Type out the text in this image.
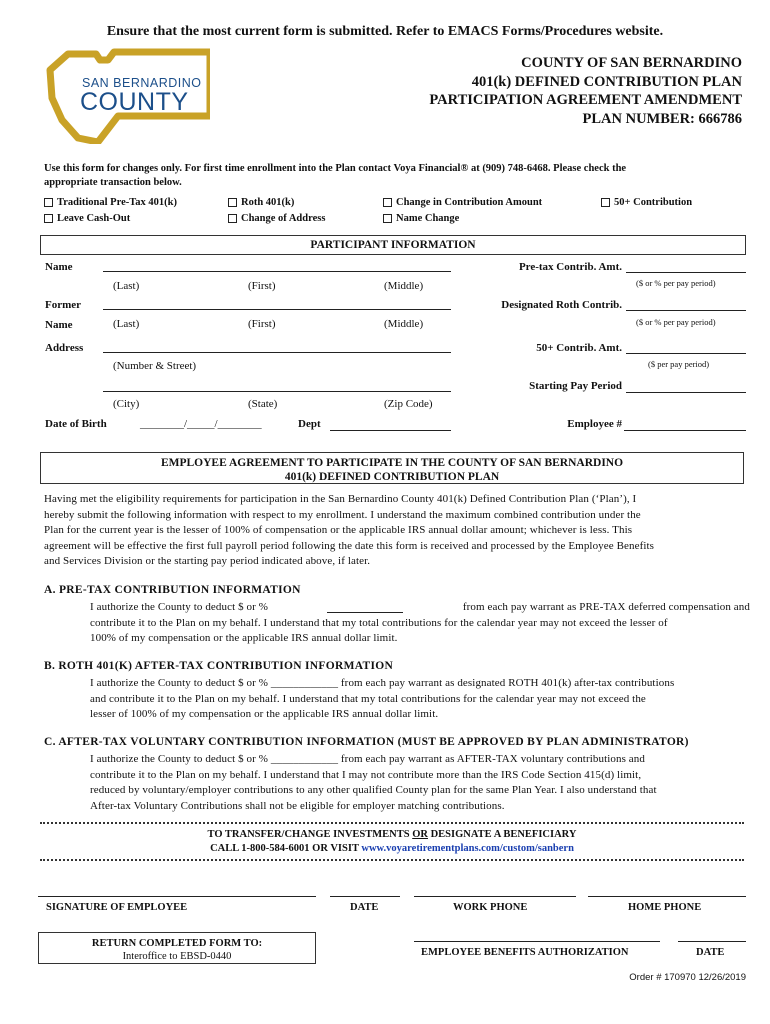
Ensure that the most current form is submitted. Refer to EMACS Forms/Procedures website.
SAN BERNARDINO
COUNTY
COUNTY OF SAN BERNARDINO
401(k) DEFINED CONTRIBUTION PLAN
PARTICIPATION AGREEMENT AMENDMENT
PLAN NUMBER: 666786
Use this form for changes only. For first time enrollment into the Plan contact Voya Financial® at (909) 748-6468. Please check the
appropriate transaction below.
Traditional Pre-Tax 401(k)	Roth 401(k)	Change in Contribution Amount	50+ Contribution
Leave Cash-Out	Change of Address	Name Change
PARTICIPANT INFORMATION
Name
(Last)	(First)	(Middle)
Former
Name	(Last)	(First)	(Middle)
Address
(Number & Street)
(City)	(State)	(Zip Code)
Date of Birth	________/_____/________	Dept
Pre-tax Contrib. Amt.
($ or % per pay period)
Designated Roth Contrib.
($ or % per pay period)
50+ Contrib. Amt.
($ per pay period)
Starting Pay Period
Employee #
EMPLOYEE AGREEMENT TO PARTICIPATE IN THE COUNTY OF SAN BERNARDINO
401(k) DEFINED CONTRIBUTION PLAN
Having met the eligibility requirements for participation in the San Bernardino County 401(k) Defined Contribution Plan (‘Plan’), I
hereby submit the following information with respect to my enrollment. I understand the maximum combined contribution under the
Plan for the current year is the lesser of 100% of compensation or the applicable IRS annual dollar amount; whichever is less. This
agreement will be effective the first full payroll period following the date this form is received and processed by the Employee Benefits
and Services Division or the starting pay period indicated above, if later.
A. PRE-TAX CONTRIBUTION INFORMATION
I authorize the County to deduct $ or %	from each pay warrant as PRE-TAX deferred compensation and
contribute it to the Plan on my behalf. I understand that my total contributions for the calendar year may not exceed the lesser of
100% of my compensation or the applicable IRS annual dollar limit.
B. ROTH 401(K) AFTER-TAX CONTRIBUTION INFORMATION
I authorize the County to deduct $ or % ____________ from each pay warrant as designated ROTH 401(k) after-tax contributions
and contribute it to the Plan on my behalf. I understand that my total contributions for the calendar year may not exceed the
lesser of 100% of my compensation or the applicable IRS annual dollar limit.
C. AFTER-TAX VOLUNTARY CONTRIBUTION INFORMATION (MUST BE APPROVED BY PLAN ADMINISTRATOR)
I authorize the County to deduct $ or % ____________ from each pay warrant as AFTER-TAX voluntary contributions and
contribute it to the Plan on my behalf. I understand that I may not contribute more than the IRS Code Section 415(d) limit,
reduced by voluntary/employer contributions to any other qualified County plan for the same Plan Year. I also understand that
After-tax Voluntary Contributions shall not be eligible for employer matching contributions.
TO TRANSFER/CHANGE INVESTMENTS OR DESIGNATE A BENEFICIARY
CALL 1-800-584-6001 OR VISIT www.voyaretirementplans.com/custom/sanbern
SIGNATURE OF EMPLOYEE	DATE	WORK PHONE	HOME PHONE
RETURN COMPLETED FORM TO:
Interoffice to EBSD-0440	EMPLOYEE BENEFITS AUTHORIZATION	DATE
Order # 170970 12/26/2019
